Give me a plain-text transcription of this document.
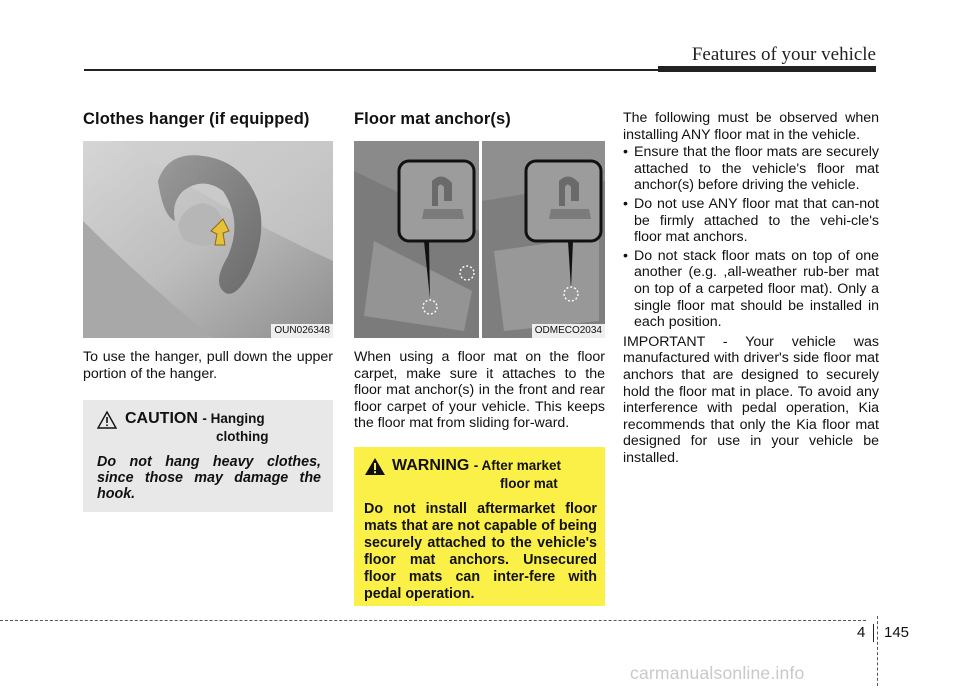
Features of your vehicle
Clothes hanger (if equipped)
OUN026348

To use the hanger, pull down the upper portion of the hanger.

CAUTION - Hanging
clothing
Do not hang heavy clothes, since those may damage the hook.
Floor mat anchor(s)
ODMECO2034

When using a floor mat on the floor carpet, make sure it attaches to the floor mat anchor(s) in the front and rear floor carpet of your vehicle. This keeps the floor mat from sliding for-ward.

WARNING - After market
floor mat
Do not install aftermarket floor mats that are not capable of being securely attached to the vehicle's floor mat anchors. Unsecured floor mats can inter-fere with pedal operation.

The following must be observed when installing ANY floor mat in the vehicle.

• Ensure that the floor mats are securely attached to the vehicle's floor mat anchor(s) before driving the vehicle.
• Do not use ANY floor mat that can-not be firmly attached to the vehi-cle's floor mat anchors.
• Do not stack floor mats on top of one another (e.g. ,all-weather rub-ber mat on top of a carpeted floor mat). Only a single floor mat should be installed in each position.

IMPORTANT - Your vehicle was manufactured with driver's side floor mat anchors that are designed to securely hold the floor mat in place. To avoid any interference with pedal operation, Kia recommends that only the Kia floor mat designed for use in your vehicle be installed.

4 145
carmanualsonline.info
